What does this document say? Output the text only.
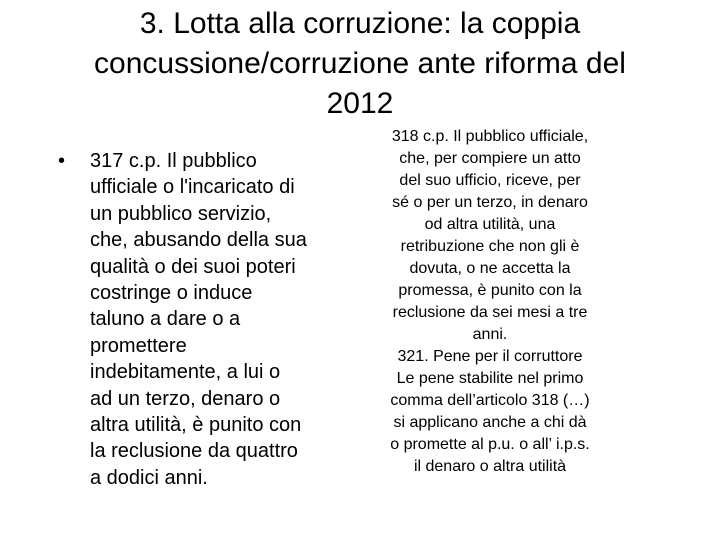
3. Lotta alla corruzione: la coppia
concussione/corruzione ante riforma del
2012
• 317 c.p. Il pubblico
ufficiale o l'incaricato di
un pubblico servizio,
che, abusando della sua
qualità o dei suoi poteri
costringe o induce
taluno a dare o a
promettere
indebitamente, a lui o
ad un terzo, denaro o
altra utilità, è punito con
la reclusione da quattro
a dodici anni.
318 c.p. Il pubblico ufficiale,
che, per compiere un atto
del suo ufficio, riceve, per
sé o per un terzo, in denaro
od altra utilità, una
retribuzione che non gli è
dovuta, o ne accetta la
promessa, è punito con la
reclusione da sei mesi a tre
anni.
321. Pene per il corruttore
Le pene stabilite nel primo
comma dell’articolo 318 (…)
si applicano anche a chi dà
o promette al p.u. o all’ i.p.s.
il denaro o altra utilità
